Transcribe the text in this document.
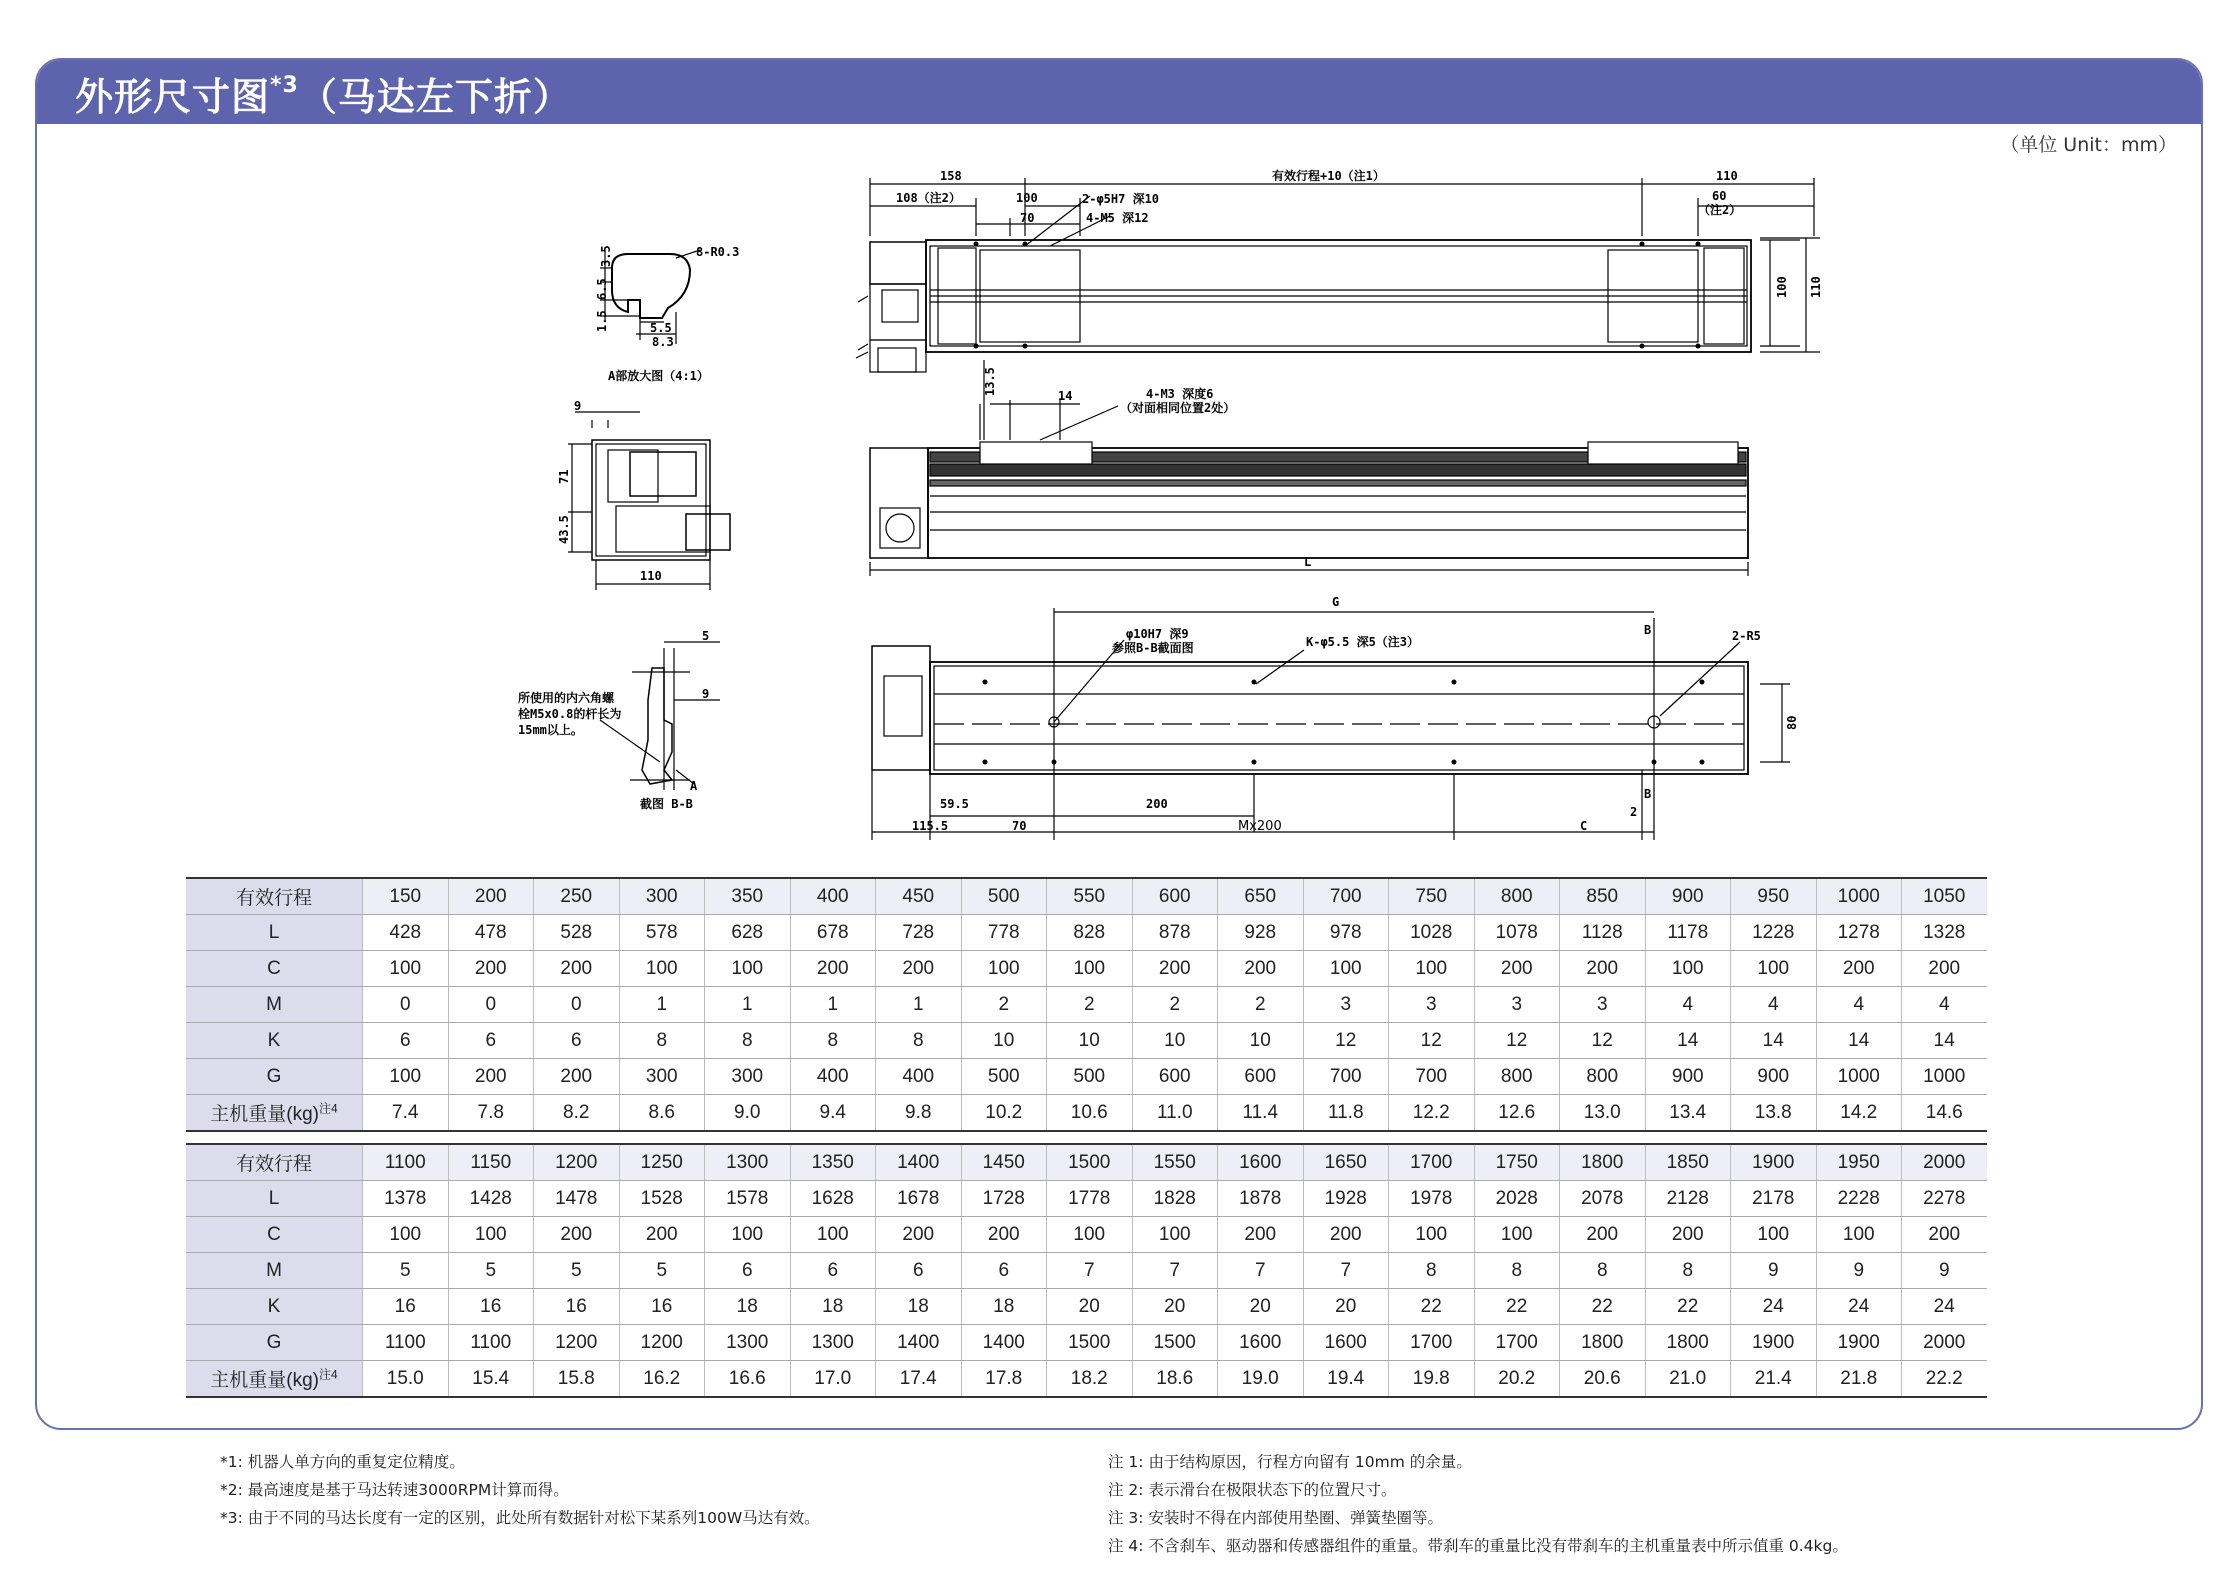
外形尺寸图$^{*3}$（马达左下折）
（单位 Unit：mm）
8-R0.3
3.5
6.5
1.5	5.5
8.3
A部放大图（4:1）
9
71
43.5
110
5
9
所使用的内六角螺
栓M5x0.8的杆长为
15mm以上。
A
截图 B-B
158
108（注2）	100
70
2-φ5H7 深10
4-M5 深12
有效行程+10（注1）	110
60
（注2）
100 110
13.5	14	4-M3 深度6
（对面相同位置2处）
L
G
B
B
φ10H7 深9
参照B-B截面图	K-φ5.5 深5（注3）	2-R5
80
59.5
115.5	70
200
Mx200	C
2
有效行程	150	200	250	300	350	400	450	500	550	600	650	700	750	800	850	900	950	1000	1050
L	428	478	528	578	628	678	728	778	828	878	928	978	1028	1078	1128	1178	1228	1278	1328
C	100	200	200	100	100	200	200	100	100	200	200	100	100	200	200	100	100	200	200
M	0	0	0	1	1	1	1	2	2	2	2	3	3	3	3	4	4	4	4
K	6	6	6	8	8	8	8	10	10	10	10	12	12	12	12	14	14	14	14
G	100	200	200	300	300	400	400	500	500	600	600	700	700	800	800	900	900	1000	1000
主机重量(kg)$^{注4}$	7.4	7.8	8.2	8.6	9.0	9.4	9.8	10.2	10.6	11.0	11.4	11.8	12.2	12.6	13.0	13.4	13.8	14.2	14.6
有效行程	1100	1150	1200	1250	1300	1350	1400	1450	1500	1550	1600	1650	1700	1750	1800	1850	1900	1950	2000
L	1378	1428	1478	1528	1578	1628	1678	1728	1778	1828	1878	1928	1978	2028	2078	2128	2178	2228	2278
C	100	100	200	200	100	100	200	200	100	100	200	200	100	100	200	200	100	100	200
M	5	5	5	5	6	6	6	6	7	7	7	7	8	8	8	8	9	9	9
K	16	16	16	16	18	18	18	18	20	20	20	20	22	22	22	22	24	24	24
G	1100	1100	1200	1200	1300	1300	1400	1400	1500	1500	1600	1600	1700	1700	1800	1800	1900	1900	2000
主机重量(kg)$^{注4}$	15.0	15.4	15.8	16.2	16.6	17.0	17.4	17.8	18.2	18.6	19.0	19.4	19.8	20.2	20.6	21.0	21.4	21.8	22.2
*1: 机器人单方向的重复定位精度。
*2: 最高速度是基于马达转速3000RPM计算而得。
*3: 由于不同的马达长度有一定的区别，此处所有数据针对松下某系列100W马达有效。
注 1: 由于结构原因，行程方向留有 10mm 的余量。
注 2: 表示滑台在极限状态下的位置尺寸。
注 3: 安装时不得在内部使用垫圈、弹簧垫圈等。
注 4: 不含刹车、驱动器和传感器组件的重量。带刹车的重量比没有带刹车的主机重量表中所示值重 0.4kg。
